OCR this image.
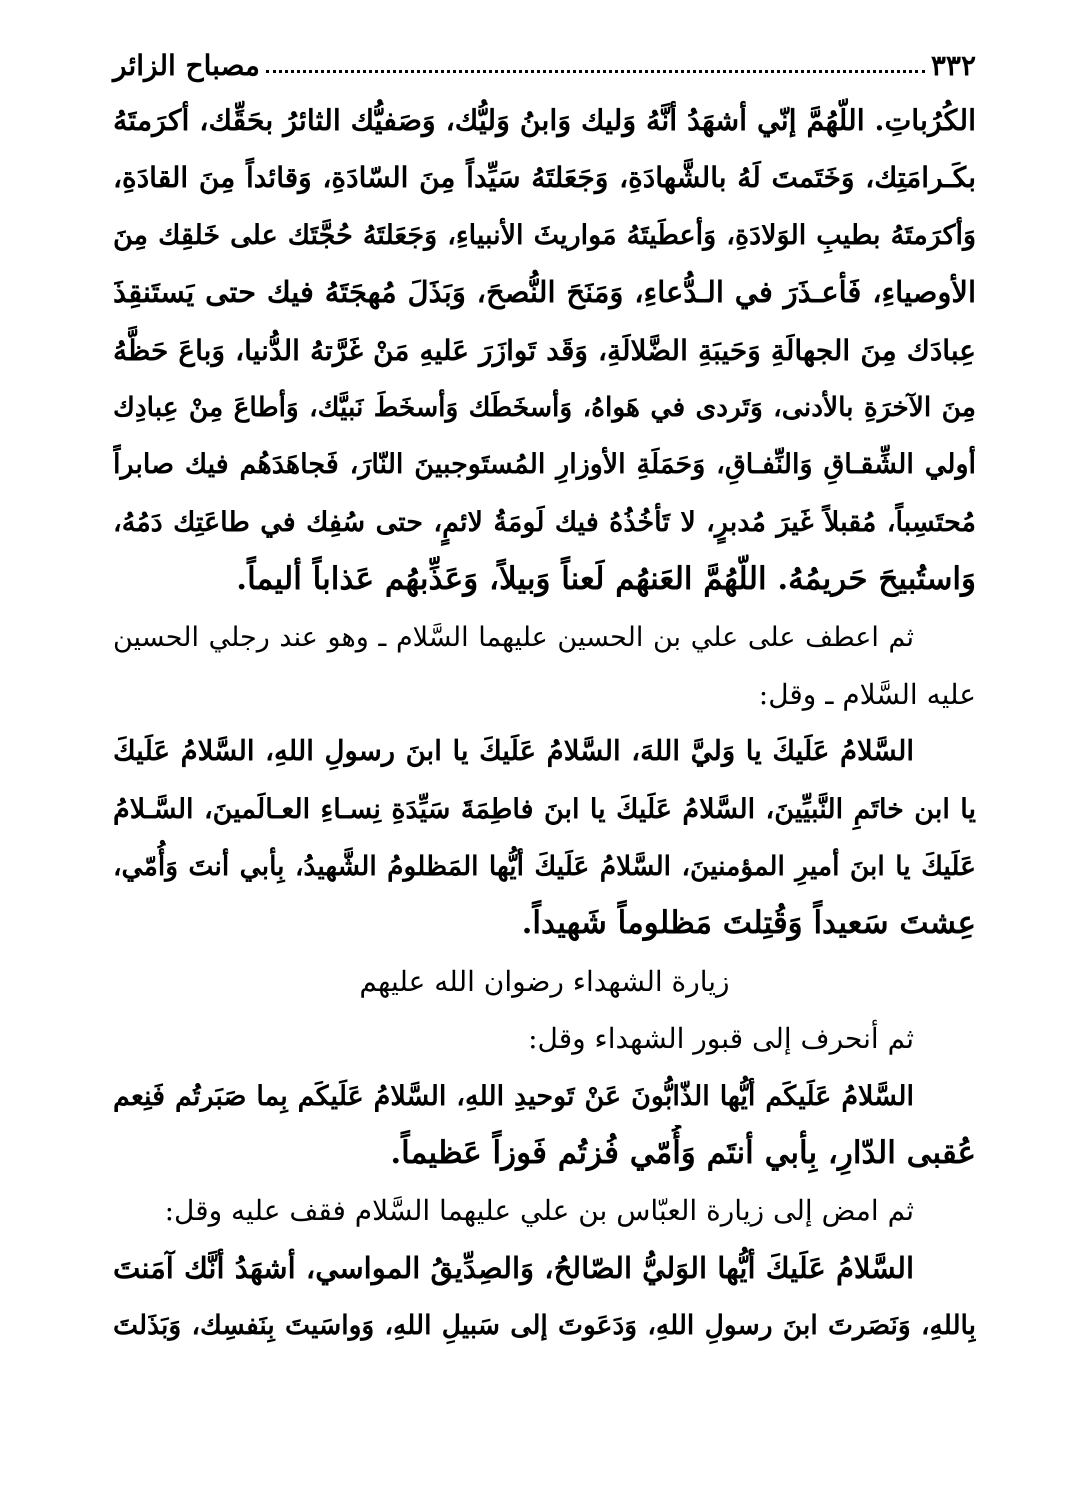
٣٣٢
مصباح الزائر
الكُرُباتِ. اللّهُمَّ إنّي أشهَدُ أنَّهُ وَليك وَابنُ وَليُّك، وَصَفيُّك الثائرُ بحَقِّك، أكرَمتَهُ
بكَـرامَتِك، وَخَتَمتَ لَهُ بالشَّهادَةِ، وَجَعَلتَهُ سَيِّداً مِنَ السّادَةِ، وَقائداً مِنَ القادَةِ،
وَأكرَمتَهُ بطيبِ الوَلادَةِ، وَأعطَيتَهُ مَواريثَ الأنبياءِ، وَجَعَلتَهُ حُجَّتَك على خَلقِك مِنَ
الأوصياءِ، فَأعـذَرَ في الـدُّعاءِ، وَمَنَحَ النُّصحَ، وَبَذَلَ مُهجَتَهُ فيك حتى يَستَنقِذَ
عِبادَك مِنَ الجهالَةِ وَحَيبَةِ الضَّلالَةِ، وَقَد تَوازَرَ عَليهِ مَنْ غَرَّتهُ الدُّنيا، وَباعَ حَظَّهُ
مِنَ الآخرَةِ بالأدنى، وَتَردى في هَواهُ، وَأسخَطَك وَأسخَطَ نَبيَّك، وَأطاعَ مِنْ عِبادِك
أولي الشِّقـاقِ وَالنِّفـاقِ، وَحَمَلَةِ الأوزارِ المُستَوجبينَ النّارَ، فَجاهَدَهُم فيك صابراً
مُحتَسِباً، مُقبلاً غَيرَ مُدبرٍ، لا تَأخُذُهُ فيك لَومَةُ لائمٍ، حتى سُفِك في طاعَتِك دَمُهُ،
وَاستُبيحَ حَريمُهُ. اللّهُمَّ العَنهُم لَعناً وَبيلاً، وَعَذِّبهُم عَذاباً أليماً.
ثم اعطف على علي بن الحسين عليهما السَّلام ـ وهو عند رجلي الحسين
عليه السَّلام ـ وقل:
السَّلامُ عَلَيكَ يا وَليَّ اللهَ، السَّلامُ عَلَيكَ يا ابنَ رسولِ اللهِ، السَّلامُ عَلَيكَ
يا ابن خاتَمِ النَّبيِّينَ، السَّلامُ عَلَيكَ يا ابنَ فاطِمَةَ سَيِّدَةِ نِسـاءِ العـالَمينَ، السَّـلامُ
عَلَيكَ يا ابنَ أميرِ المؤمنينَ، السَّلامُ عَلَيكَ أيُّها المَظلومُ الشَّهيدُ، بِأبي أنتَ وَأُمّي،
عِشتَ سَعيداً وَقُتِلتَ مَظلوماً شَهيداً.
زيارة الشهداء رضوان الله عليهم
ثم أنحرف إلى قبور الشهداء وقل:
السَّلامُ عَلَيكَم أيُّها الذّابُّونَ عَنْ تَوحيدِ اللهِ، السَّلامُ عَلَيكَم بِما صَبَرتُم فَنِعم
عُقبى الدّارِ، بِأبي أنتَم وَأُمّي فُزتُم فَوزاً عَظيماً.
ثم امض إلى زيارة العبّاس بن علي عليهما السَّلام فقف عليه وقل:
السَّلامُ عَلَيكَ أيُّها الوَليُّ الصّالحُ، وَالصِدِّيقُ المواسي، أشهَدُ أنَّك آمَنتَ
بِاللهِ، وَنَصَرتَ ابنَ رسولِ اللهِ، وَدَعَوتَ إلى سَبيلِ اللهِ، وَواسَيتَ بِنَفسِك، وَبَذَلتَ
